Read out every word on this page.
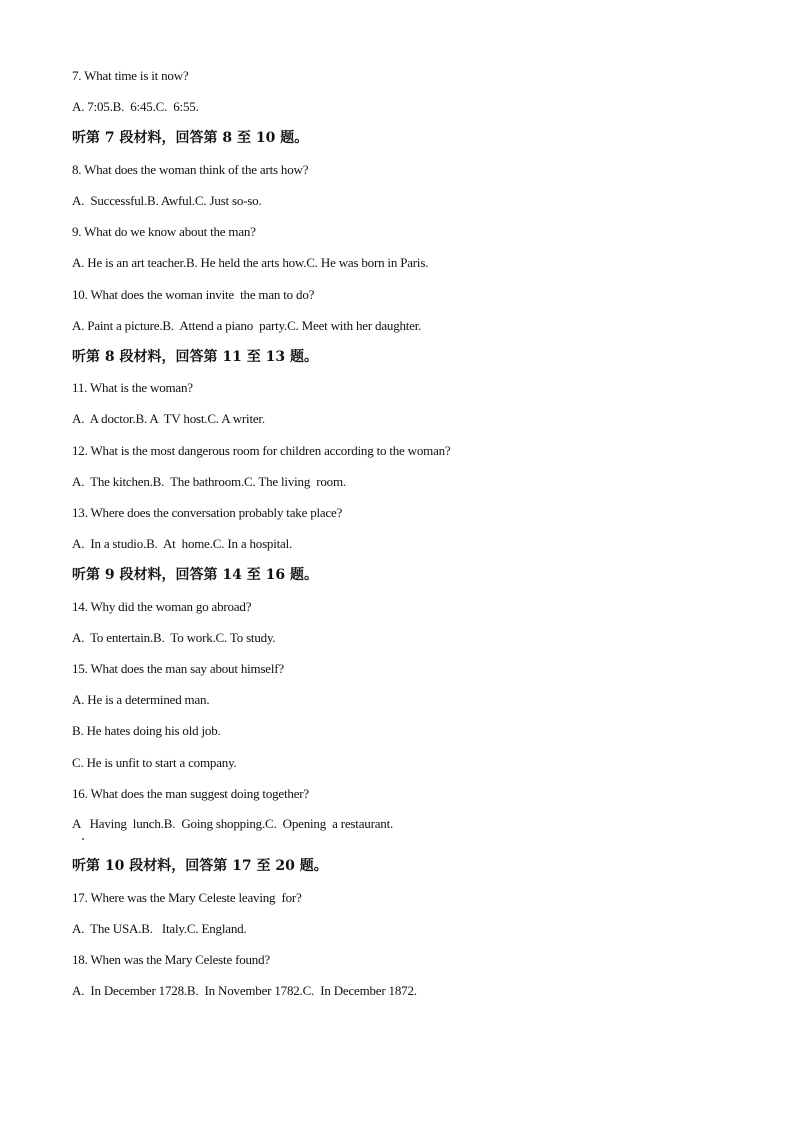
7. What time is it now?
A. 7:05.B.  6:45.C.  6:55.
听第 7 段材料，回答第 8 至 10 题。
8. What does the woman think of the arts how?
A.  Successful.B. Awful.C. Just so-so.
9. What do we know about the man?
A. He is an art teacher.B. He held the arts how.C. He was born in Paris.
10. What does the woman invite  the man to do?
A. Paint a picture.B.  Attend a piano  party.C. Meet with her daughter.
听第 8 段材料，回答第 11 至 13 题。
11. What is the woman?
A.  A doctor.B. A  TV host.C. A writer.
12. What is the most dangerous room for children according to the woman?
A.  The kitchen.B.  The bathroom.C. The living  room.
13. Where does the conversation probably take place?
A.  In a studio.B.  At  home.C. In a hospital.
听第 9 段材料，回答第 14 至 16 题。
14. Why did the woman go abroad?
A.  To entertain.B.  To work.C. To study.
15. What does the man say about himself?
A. He is a determined man.
B. He hates doing his old job.
C. He is unfit to start a company.
16. What does the man suggest doing together?
A   Having  lunch.B.  Going shopping.C.  Opening  a restaurant.
听第 10 段材料，回答第 17 至 20 题。
17. Where was the Mary Celeste leaving  for?
A.  The USA.B.   Italy.C. England.
18. When was the Mary Celeste found?
A.  In December 1728.B.  In November 1782.C.  In December 1872.
